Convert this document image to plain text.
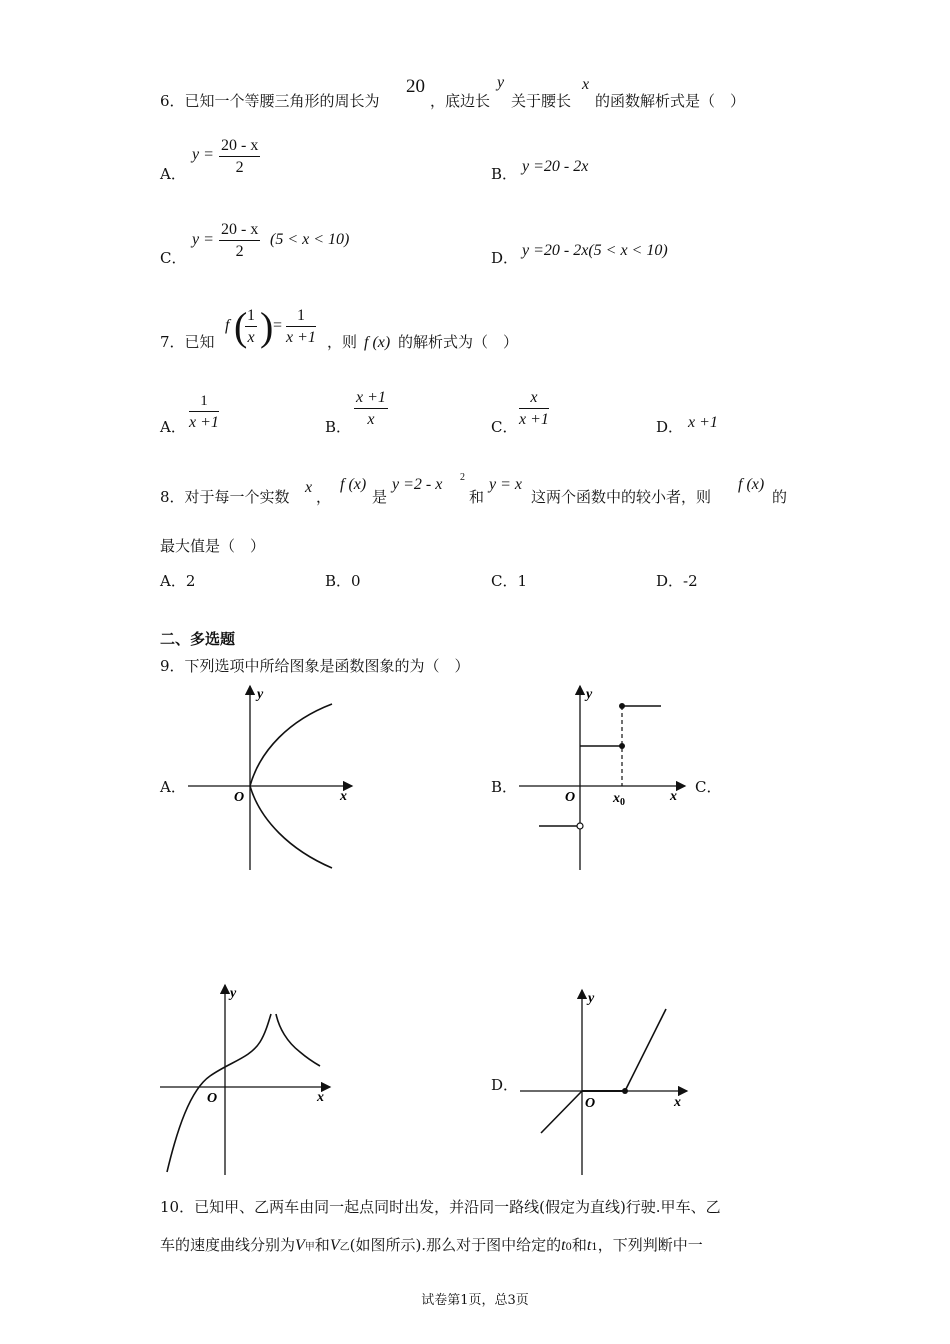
6．已知一个等腰三角形的周长为
20
，底边长
y
关于腰长
x
的函数解析式是（　）
A．
$y = \frac{20 - x}{2}$	B． y =20 - 2x
C．
$y = \frac{20 - x}{2} (5 < x < 10)$
D． y =20 - 2x(5 < x < 10)
7．已知
f (
$\frac{1}{x}$ ) = $\frac{1}{x +1}$ ，则 f (x) 的解析式为（　）
A． $\frac{1}{x +1}$	B． $\frac{x +1}{x}$	C． $\frac{x}{x +1}$	D． x +1
8．对于每一个实数
x
，
f (x)
是
y =2 - x 2
和
y = x
这两个函数中的较小者，则
f (x)
的
最大值是（　）
A．2	B．0	C．1	D．-2
二、多选题
9．下列选项中所给图象是函数图象的为（　）
A．	B．	C．
D．
y
O	x
y
O	$x_0$	x
y
O	x
y
O	x
10．已知甲、乙两车由同一起点同时出发，并沿同一路线(假定为直线)行驶.甲车、乙
车的速度曲线分别为V甲和V乙(如图所示).那么对于图中给定的t0和t1，下列判断中一
试卷第1页，总3页
